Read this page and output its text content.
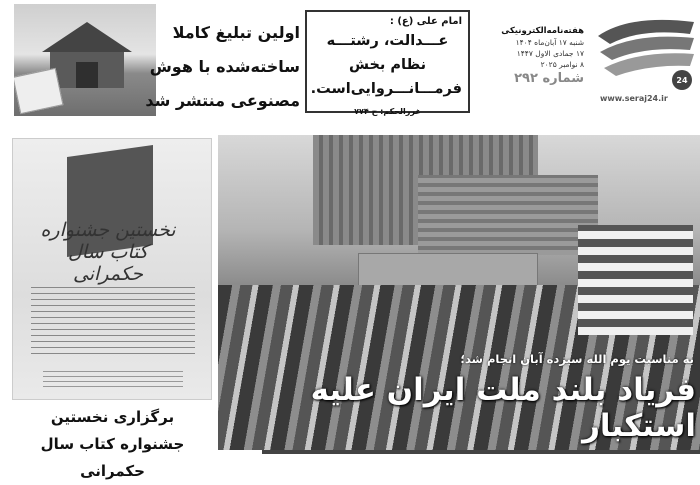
اولین تبلیغ کاملا
ساخته‌شده با هوش
مصنوعی منتشر شد
امام علی (ع) :
عـــدالت، رشتـــه نظام بخش فرمـــانـــروایی‌است.
غررالحکم: ح ۷۷۴
هفته‌نامه‌الکترونیکی
شنبه ۱۷ آبان‌ماه ۱۴۰۴
۱۷ جمادی الاول ۱۴۴۷
۸ نوامبر ۲۰۲۵
شماره ۲۹۲	24
www.seraj24.ir
به مناسبت یوم الله سیزده آبان انجام شد؛
فریاد بلند ملت ایران علیه استکبار
نخستین جشنواره کتاب سال حکمرانی
برگزاری نخستین
جشنواره کتاب سال حکمرانی
